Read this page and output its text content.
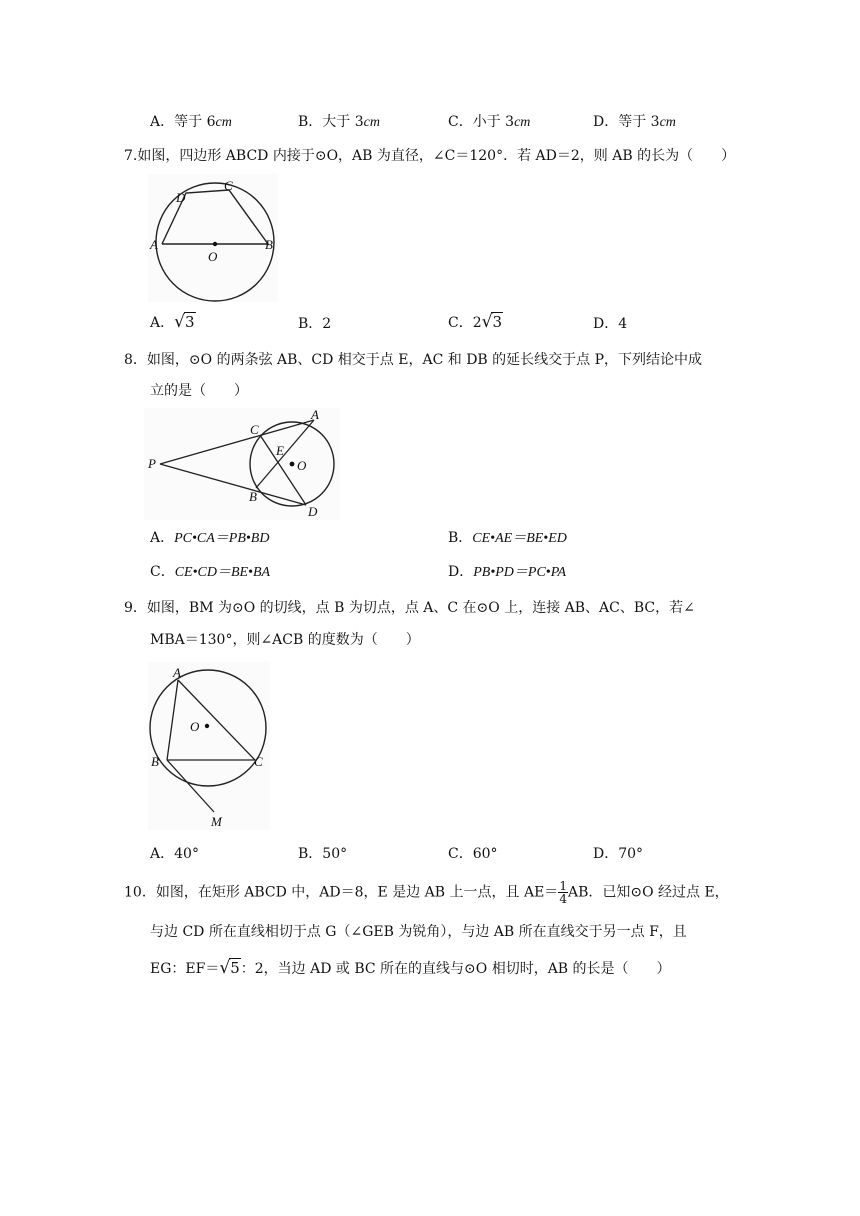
A．等于 6cm	B．大于 3cm	C．小于 3cm	D．等于 3cm
7.如图，四边形 ABCD 内接于⊙O，AB 为直径，∠C＝120°．若 AD＝2，则 AB 的长为（　　）
A	B
C
D
O
A．√3	B．2	C．2√3	D．4
8．如图，⊙O 的两条弦 AB、CD 相交于点 E，AC 和 DB 的延长线交于点 P，下列结论中成
立的是（　　）
P
A
C
E
O
B
D
A．PC•CA＝PB•BD	B．CE•AE＝BE•ED
C．CE•CD＝BE•BA	D．PB•PD＝PC•PA
9．如图，BM 为⊙O 的切线，点 B 为切点，点 A、C 在⊙O 上，连接 AB、AC、BC，若∠
MBA＝130°，则∠ACB 的度数为（　　）
A
O
B	C
M
A．40°	B．50°	C．60°	D．70°
10．如图，在矩形 ABCD 中，AD＝8，E 是边 AB 上一点，且 $AE= \frac{1}{4}$ AB．已知⊙O 经过点 E，
与边 CD 所在直线相切于点 G（∠GEB 为锐角），与边 AB 所在直线交于另一点 F，且
EG：EF＝√5：2，当边 AD 或 BC 所在的直线与⊙O 相切时，AB 的长是（　　）
